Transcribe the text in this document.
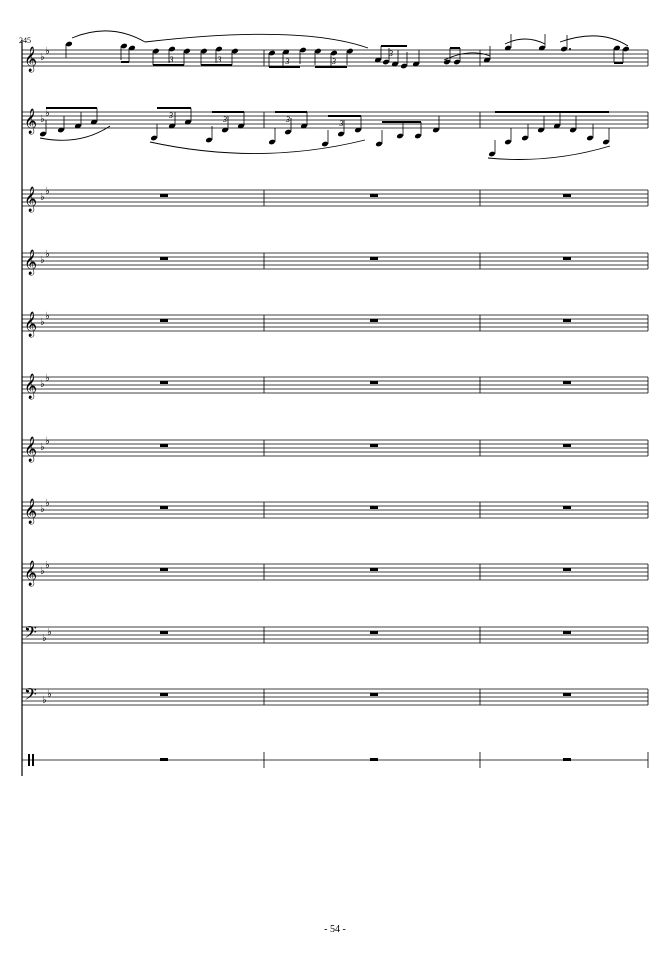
245
- 54 -
𝄞 ♭
♭
𝄞 ♭
♭
𝄞 ♭
♭
𝄞 ♭
♭
𝄞 ♭
♭
𝄞 ♭
♭
𝄞 ♭
♭
𝄞 ♭
♭
𝄞 ♭
♭
𝄢 ♭
♭
𝄢 ♭
♭
3	3	3	3
3
3	3	3	3
